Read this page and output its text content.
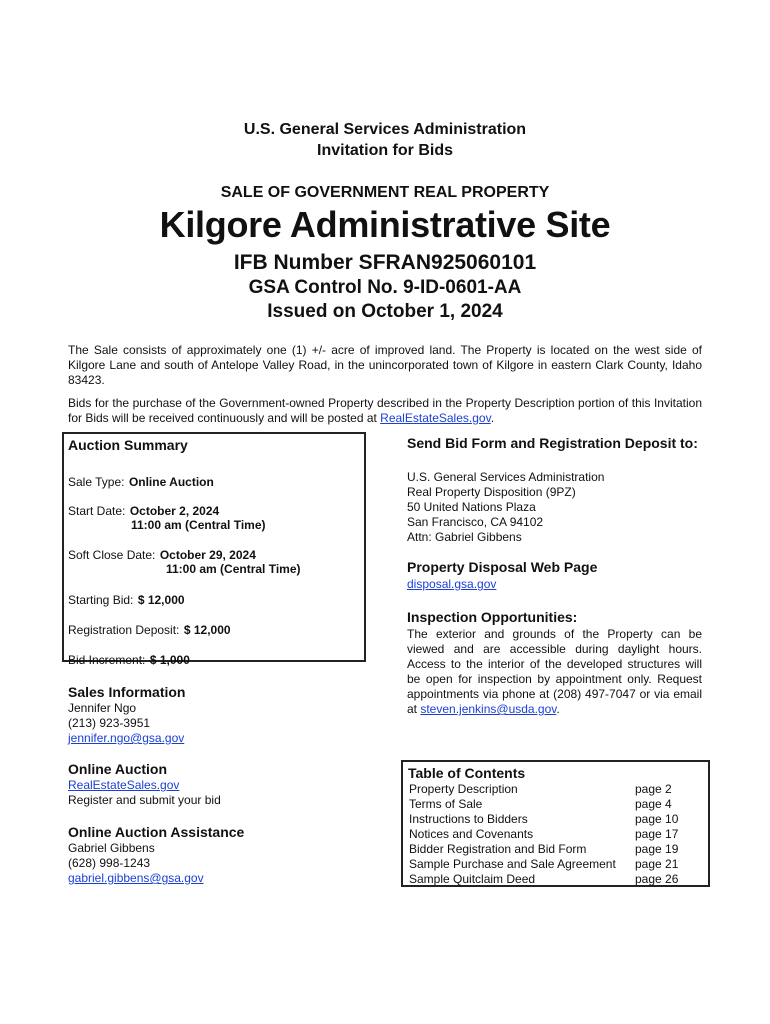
U.S. General Services Administration
Invitation for Bids
SALE OF GOVERNMENT REAL PROPERTY
Kilgore Administrative Site
IFB Number SFRAN925060101
GSA Control No. 9-ID-0601-AA
Issued on October 1, 2024
The Sale consists of approximately one (1) +/- acre of improved land. The Property is located on the west side of Kilgore Lane and south of Antelope Valley Road, in the unincorporated town of Kilgore in eastern Clark County, Idaho 83423.
Bids for the purchase of the Government-owned Property described in the Property Description portion of this Invitation for Bids will be received continuously and will be posted at RealEstateSales.gov.
Auction Summary
Sale Type: Online Auction
Start Date: October 2, 2024
11:00 am (Central Time)
Soft Close Date: October 29, 2024
11:00 am (Central Time)
Starting Bid: $ 12,000
Registration Deposit: $ 12,000
Bid Increment: $ 1,000
Sales Information
Jennifer Ngo
(213) 923-3951
jennifer.ngo@gsa.gov
Online Auction
RealEstateSales.gov
Register and submit your bid
Online Auction Assistance
Gabriel Gibbens
(628) 998-1243
gabriel.gibbens@gsa.gov
Send Bid Form and Registration Deposit to:
U.S. General Services Administration
Real Property Disposition (9PZ)
50 United Nations Plaza
San Francisco, CA 94102
Attn: Gabriel Gibbens
Property Disposal Web Page
disposal.gsa.gov
Inspection Opportunities:
The exterior and grounds of the Property can be viewed and are accessible during daylight hours. Access to the interior of the developed structures will be open for inspection by appointment only. Request appointments via phone at (208) 497-7047 or via email at steven.jenkins@usda.gov.
Table of Contents
Property Description	page 2
Terms of Sale	page 4
Instructions to Bidders	page 10
Notices and Covenants	page 17
Bidder Registration and Bid Form	page 19
Sample Purchase and Sale Agreement page 21
Sample Quitclaim Deed	page 26
